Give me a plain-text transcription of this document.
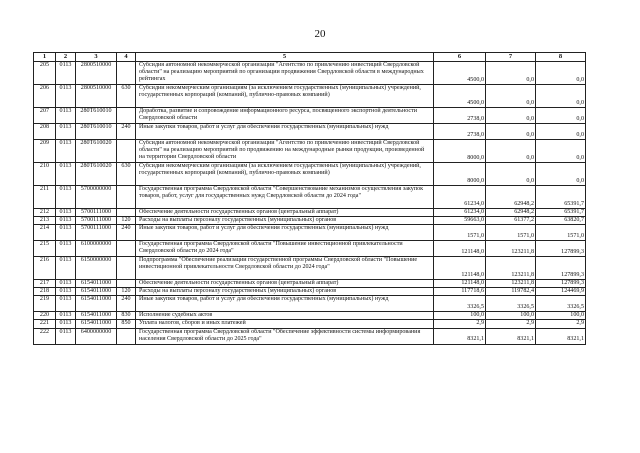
20
1	2	3	4	5	6	7	8
205	0113	2800510000		Субсидия автономной некоммерческой организации "Агентство по привлечению инвестиций Свердловской области" на реализацию мероприятий по организации продвижения Свердловской области в международных рейтингах	4500,0	0,0	0,0
206	0113	2800510000	630	Субсидии некоммерческим организациям (за исключением государственных (муниципальных) учреждений, государственных корпораций (компаний), публично-правовых компаний)	4500,0	0,0	0,0
207	0113	280Т610010		Доработка, развитие и сопровождение информационного ресурса, посвященного экспортной деятельности Свердловской области	2738,0	0,0	0,0
208	0113	280Т610010	240	Иные закупки товаров, работ и услуг для обеспечения государственных (муниципальных) нужд	2738,0	0,0	0,0
209	0113	280Т610020		Субсидия автономной некоммерческой организации "Агентство по привлечению инвестиций Свердловской области" на реализацию мероприятий по продвижению на международные рынки продукции, произведенной на территории Свердловской области	8000,0	0,0	0,0
210	0113	280Т610020	630	Субсидии некоммерческим организациям (за исключением государственных (муниципальных) учреждений, государственных корпораций (компаний), публично-правовых компаний)	8000,0	0,0	0,0
211	0113	5700000000		Государственная программа Свердловской области "Совершенствование механизмов осуществления закупок товаров, работ, услуг для государственных нужд Свердловской области до 2024 года"	61234,0	62948,2	65391,7
212	0113	5700111000		Обеспечение деятельности государственных органов (центральный аппарат)	61234,0	62948,2	65391,7
213	0113	5700111000	120	Расходы на выплаты персоналу государственных (муниципальных) органов	59663,0	61377,2	63820,7
214	0113	5700111000	240	Иные закупки товаров, работ и услуг для обеспечения государственных (муниципальных) нужд	1571,0	1571,0	1571,0
215	0113	6100000000		Государственная программа Свердловской области "Повышение инвестиционной привлекательности Свердловской области до 2024 года"	121148,0	123211,8	127899,3
216	0113	6150000000		Подпрограмма "Обеспечение реализации государственной программы Свердловской области "Повышение инвестиционной привлекательности Свердловской области до 2024 года"	121148,0	123211,8	127899,3
217	0113	6154011000		Обеспечение деятельности государственных органов (центральный аппарат)	121148,0	123211,8	127899,3
218	0113	6154011000	120	Расходы на выплаты персоналу государственных (муниципальных) органов	117718,6	119782,4	124469,9
219	0113	6154011000	240	Иные закупки товаров, работ и услуг для обеспечения государственных (муниципальных) нужд	3326,5	3326,5	3326,5
220	0113	6154011000	830	Исполнение судебных актов	100,0	100,0	100,0
221	0113	6154011000	850	Уплата налогов, сборов и иных платежей	2,9	2,9	2,9
222	0113	6400000000		Государственная программа Свердловской области "Обеспечение эффективности системы информирования населения Свердловской области до 2025 года"	8321,1	8321,1	8321,1
